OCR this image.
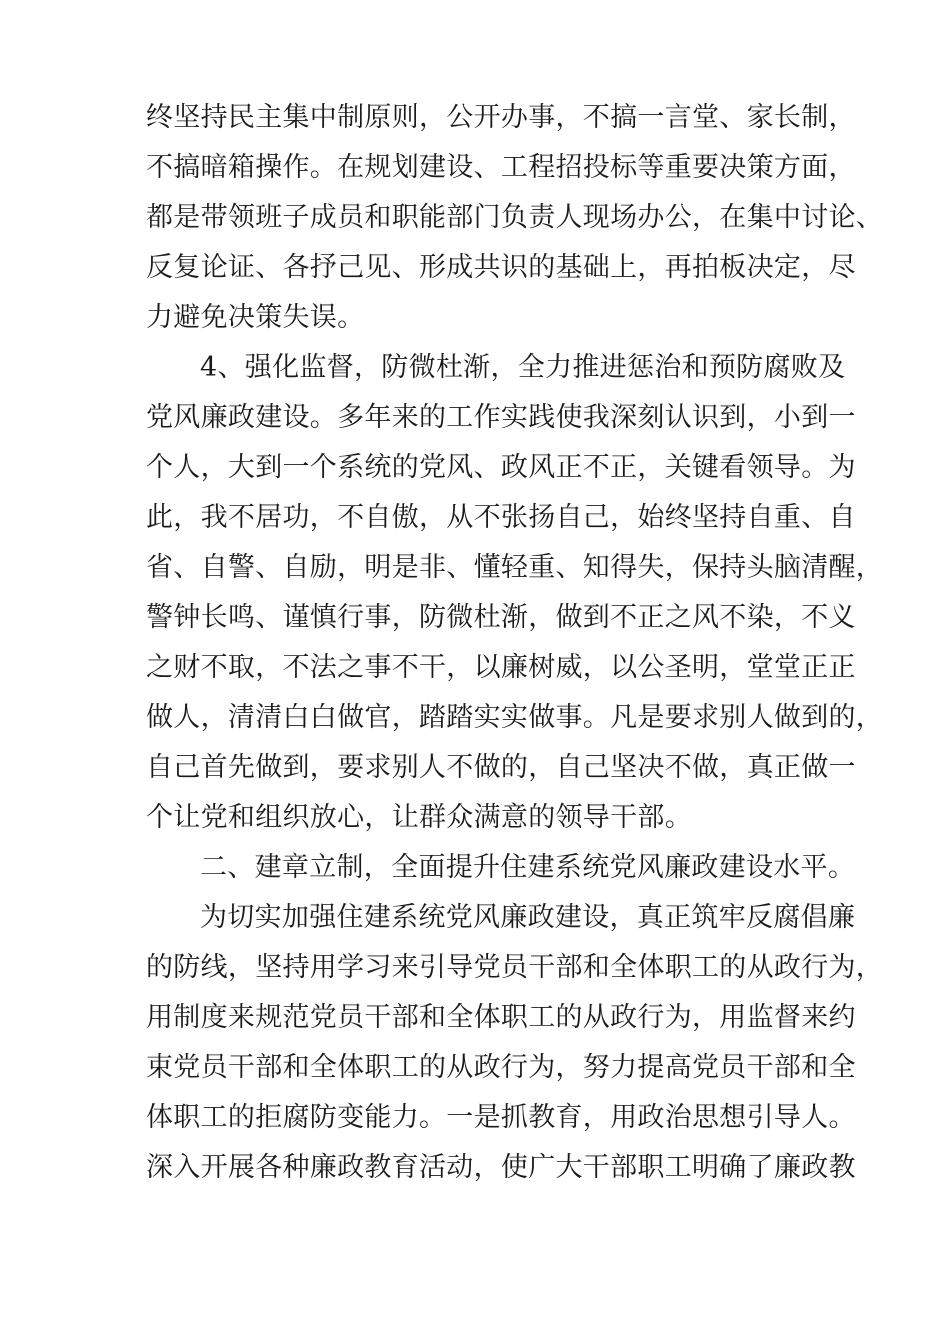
终坚持民主集中制原则，公开办事，不搞一言堂、家长制，
不搞暗箱操作。在规划建设、工程招投标等重要决策方面，
都是带领班子成员和职能部门负责人现场办公，在集中讨论、
反复论证、各抒己见、形成共识的基础上，再拍板决定，尽
力避免决策失误。
4、强化监督，防微杜渐，全力推进惩治和预防腐败及
党风廉政建设。多年来的工作实践使我深刻认识到，小到一
个人，大到一个系统的党风、政风正不正，关键看领导。为
此，我不居功，不自傲，从不张扬自己，始终坚持自重、自
省、自警、自励，明是非、懂轻重、知得失，保持头脑清醒，
警钟长鸣、谨慎行事，防微杜渐，做到不正之风不染，不义
之财不取，不法之事不干，以廉树威，以公圣明，堂堂正正
做人，清清白白做官，踏踏实实做事。凡是要求别人做到的，
自己首先做到，要求别人不做的，自己坚决不做，真正做一
个让党和组织放心，让群众满意的领导干部。
二、建章立制，全面提升住建系统党风廉政建设水平。
为切实加强住建系统党风廉政建设，真正筑牢反腐倡廉
的防线，坚持用学习来引导党员干部和全体职工的从政行为，
用制度来规范党员干部和全体职工的从政行为，用监督来约
束党员干部和全体职工的从政行为，努力提高党员干部和全
体职工的拒腐防变能力。一是抓教育，用政治思想引导人。
深入开展各种廉政教育活动，使广大干部职工明确了廉政教
